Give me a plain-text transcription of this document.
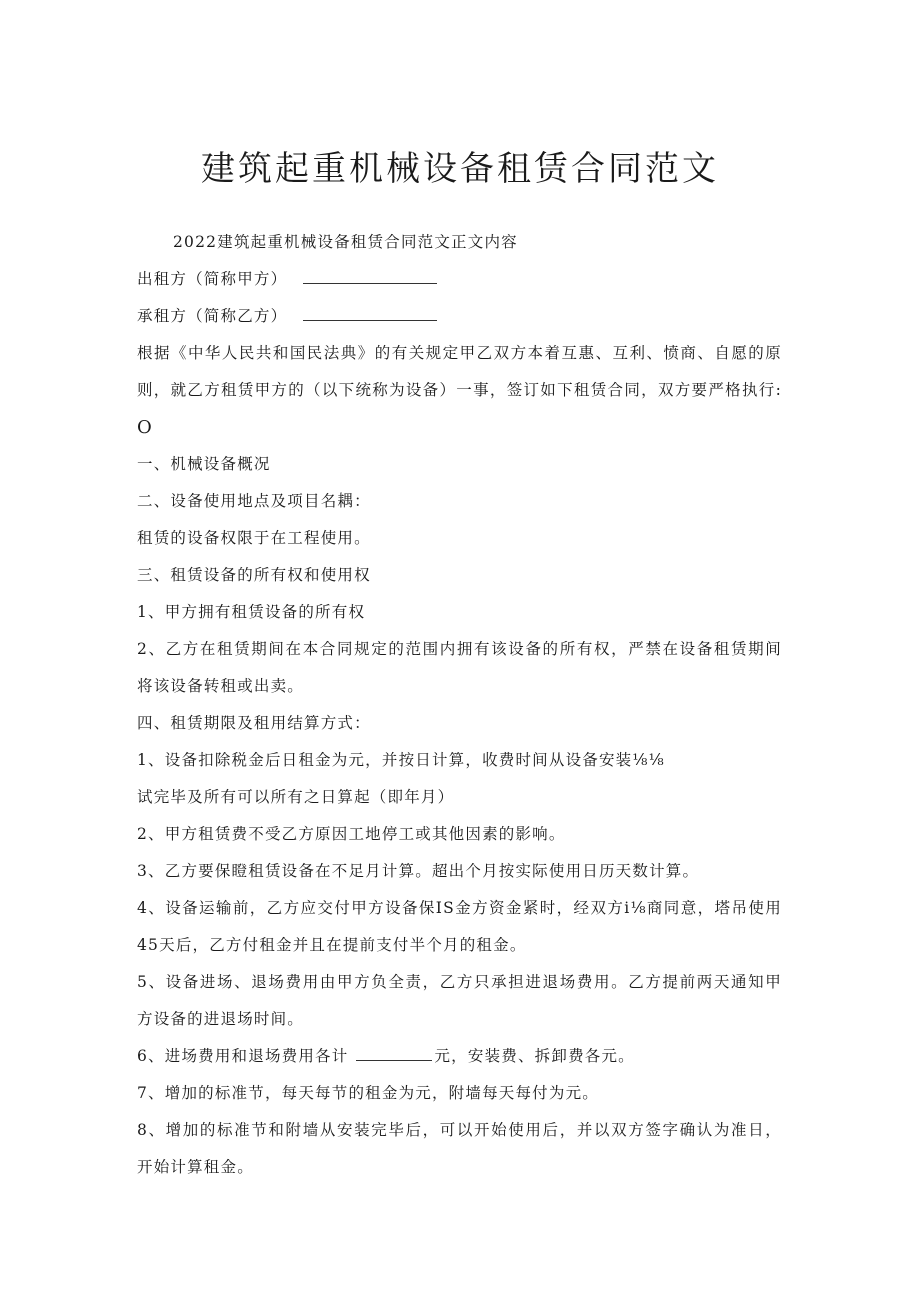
建筑起重机械设备租赁合同范文
2022建筑起重机械设备租赁合同范文正文内容
出租方（简称甲方）
承租方（简称乙方）
根据《中华人民共和国民法典》的有关规定甲乙双方本着互惠、互利、愤商、自愿的原
则，就乙方租赁甲方的（以下统称为设备）一事，签订如下租赁合同，双方要严格执行:
O
一、机械设备概况
二、设备使用地点及项目名耦：
租赁的设备权限于在工程使用。
三、租赁设备的所有权和使用权
1、甲方拥有租赁设备的所有权
2、乙方在租赁期间在本合同规定的范围内拥有该设备的所有权，严禁在设备租赁期间
将该设备转租或出卖。
四、租赁期限及租用结算方式：
1、设备扣除税金后日租金为元，并按日计算，收费时间从设备安装⅛⅛
试完毕及所有可以所有之日算起（即年月）
2、甲方租赁费不受乙方原因工地停工或其他因素的影响。
3、乙方要保瞪租赁设备在不足月计算。超出个月按实际使用日历天数计算。
4、设备运输前，乙方应交付甲方设备保IS金方资金紧时，经双方i⅛商同意，塔吊使用
45天后，乙方付租金并且在提前支付半个月的租金。
5、设备进场、退场费用由甲方负全责，乙方只承担进退场费用。乙方提前两天通知甲
方设备的进退场时间。
6、进场费用和退场费用各计	元，安装费、拆卸费各元。
7、增加的标准节，每天每节的租金为元，附墙每天每付为元。
8、增加的标准节和附墙从安装完毕后，可以开始使用后，并以双方签字确认为准日，
开始计算租金。
